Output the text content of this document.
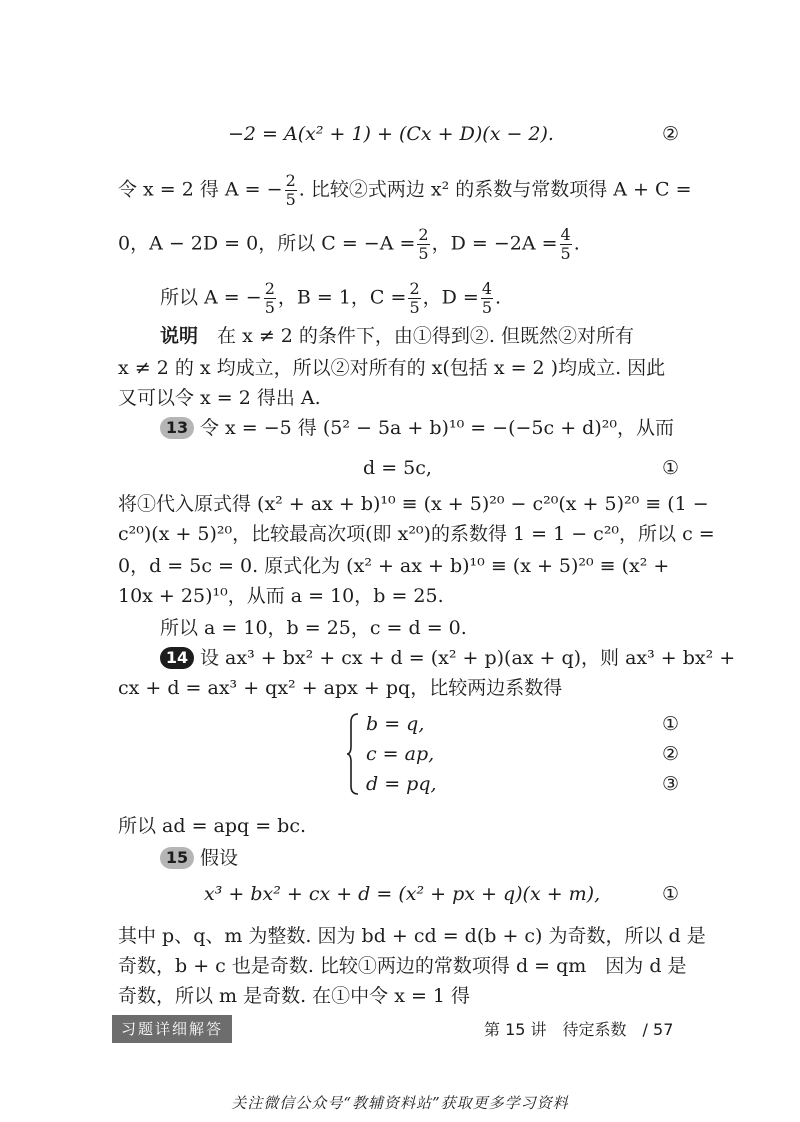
−2 = A(x² + 1) + (Cx + D)(x − 2).	②
令 x = 2 得 A = − $\frac{2}{5}$ . 比较②式两边 x² 的系数与常数项得 A + C =
0，A − 2D = 0，所以 $C = -A = \frac{2}{5}$ ，$D = -2A = \frac{4}{5}$ .
所以 A = − $\frac{2}{5}$ ，B = 1，$C = \frac{2}{5}$ ，$D = \frac{4}{5}$ .
说明　 在 x ≠ 2 的条件下，由①得到②. 但既然②对所有
x ≠ 2 的 x 均成立，所以②对所有的 x(包括 x = 2 )均成立. 因此
又可以令 x = 2 得出 A.
13 令 x = −5 得 (5² − 5a + b)¹⁰ = −(−5c + d)²⁰，从而
d = 5c,	①
将①代入原式得 (x² + ax + b)¹⁰ ≡ (x + 5)²⁰ − c²⁰(x + 5)²⁰ ≡ (1 −
c²⁰)(x + 5)²⁰，比较最高次项(即 x²⁰)的系数得 1 = 1 − c²⁰，所以 c =
0，d = 5c = 0. 原式化为 (x² + ax + b)¹⁰ ≡ (x + 5)²⁰ ≡ (x² +
10x + 25)¹⁰，从而 a = 10，b = 25.
所以 a = 10，b = 25，c = d = 0.
14 设 ax³ + bx² + cx + d = (x² + p)(ax + q)，则 ax³ + bx² +
cx + d = ax³ + qx² + apx + pq，比较两边系数得
b = q,	①
c = ap,	②
d = pq,	③
所以 ad = apq = bc.
15 假设
x³ + bx² + cx + d = (x² + px + q)(x + m),	①
其中 p、q、m 为整数. 因为 bd + cd = d(b + c) 为奇数，所以 d 是
奇数，b + c 也是奇数. 比较①两边的常数项得 d = qm　因为 d 是
奇数，所以 m 是奇数. 在①中令 x = 1 得
习题详细解答	第 15 讲　待定系数　/ 57
关注微信公众号“教辅资料站”获取更多学习资料
